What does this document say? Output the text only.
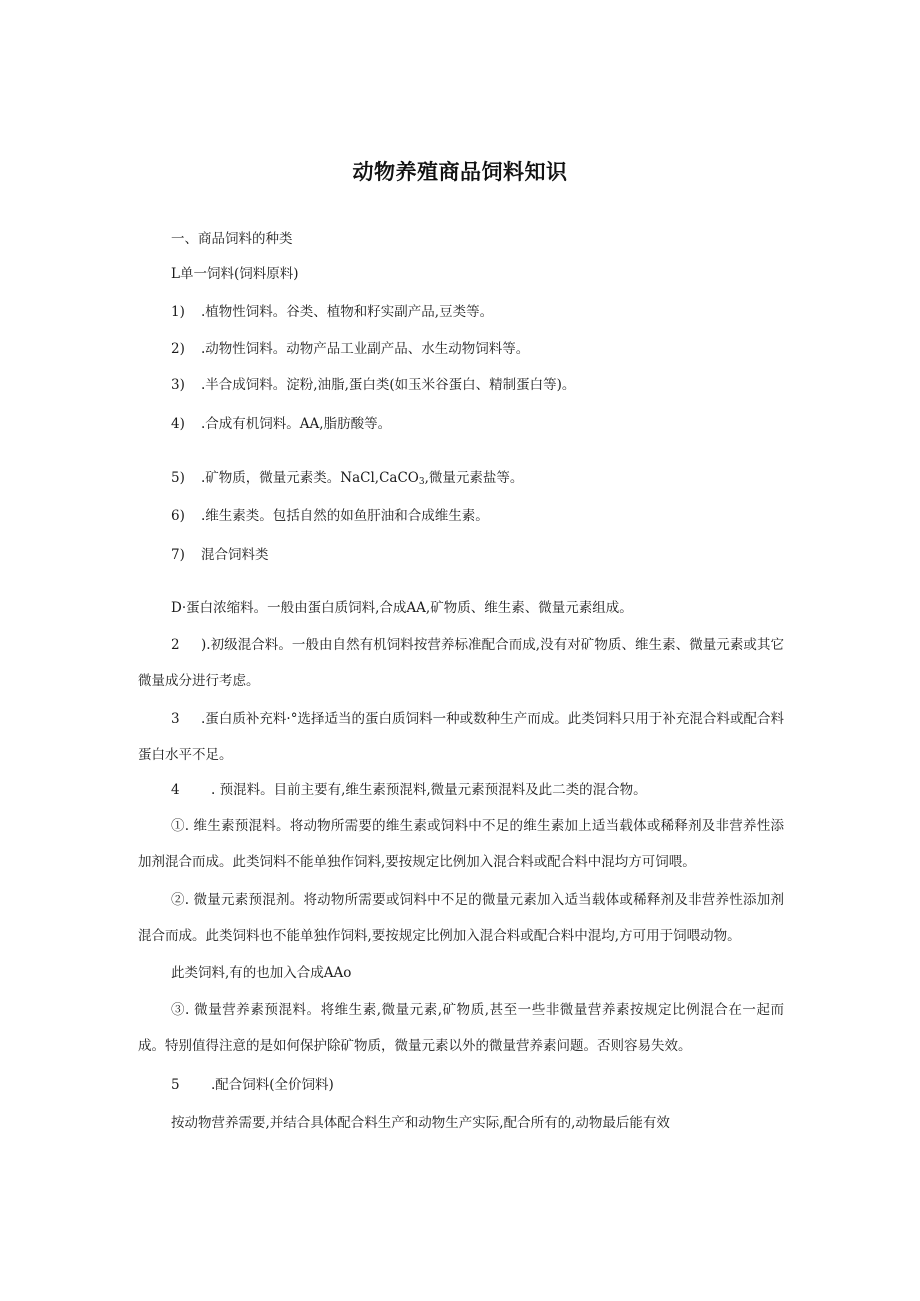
动物养殖商品饲料知识
一、商品饲料的种类
L单一饲料(饲料原料)
1) .植物性饲料。谷类、植物和籽实副产品,豆类等。
2) .动物性饲料。动物产品工业副产品、水生动物饲料等。
3) .半合成饲料。淀粉,油脂,蛋白类(如玉米谷蛋白、精制蛋白等)。
4) .合成有机饲料。AA,脂肪酸等。
5) .矿物质，微量元素类。NaCl,CaCO$_3$,微量元素盐等。
6) .维生素类。包括自然的如鱼肝油和合成维生素。
7) 混合饲料类
D·蛋白浓缩料。一般由蛋白质饲料,合成AA,矿物质、维生素、微量元素组成。
2 ).初级混合料。一般由自然有机饲料按营养标准配合而成,没有对矿物质、维生素、微量元素或其它微量成分进行考虑。
3 .蛋白质补充料·°选择适当的蛋白质饲料一种或数种生产而成。此类饲料只用于补充混合料或配合料蛋白水平不足。
4 . 预混料。目前主要有,维生素预混料,微量元素预混料及此二类的混合物。
①. 维生素预混料。将动物所需要的维生素或饲料中不足的维生素加上适当载体或稀释剂及非营养性添加剂混合而成。此类饲料不能单独作饲料,要按规定比例加入混合料或配合料中混均方可饲喂。
②. 微量元素预混剂。将动物所需要或饲料中不足的微量元素加入适当载体或稀释剂及非营养性添加剂混合而成。此类饲料也不能单独作饲料,要按规定比例加入混合料或配合料中混均,方可用于饲喂动物。
此类饲料,有的也加入合成AAo
③. 微量营养素预混料。将维生素,微量元素,矿物质,甚至一些非微量营养素按规定比例混合在一起而成。特别值得注意的是如何保护除矿物质，微量元素以外的微量营养素问题。否则容易失效。
5 .配合饲料(全价饲料)
按动物营养需要,并结合具体配合料生产和动物生产实际,配合所有的,动物最后能有效
